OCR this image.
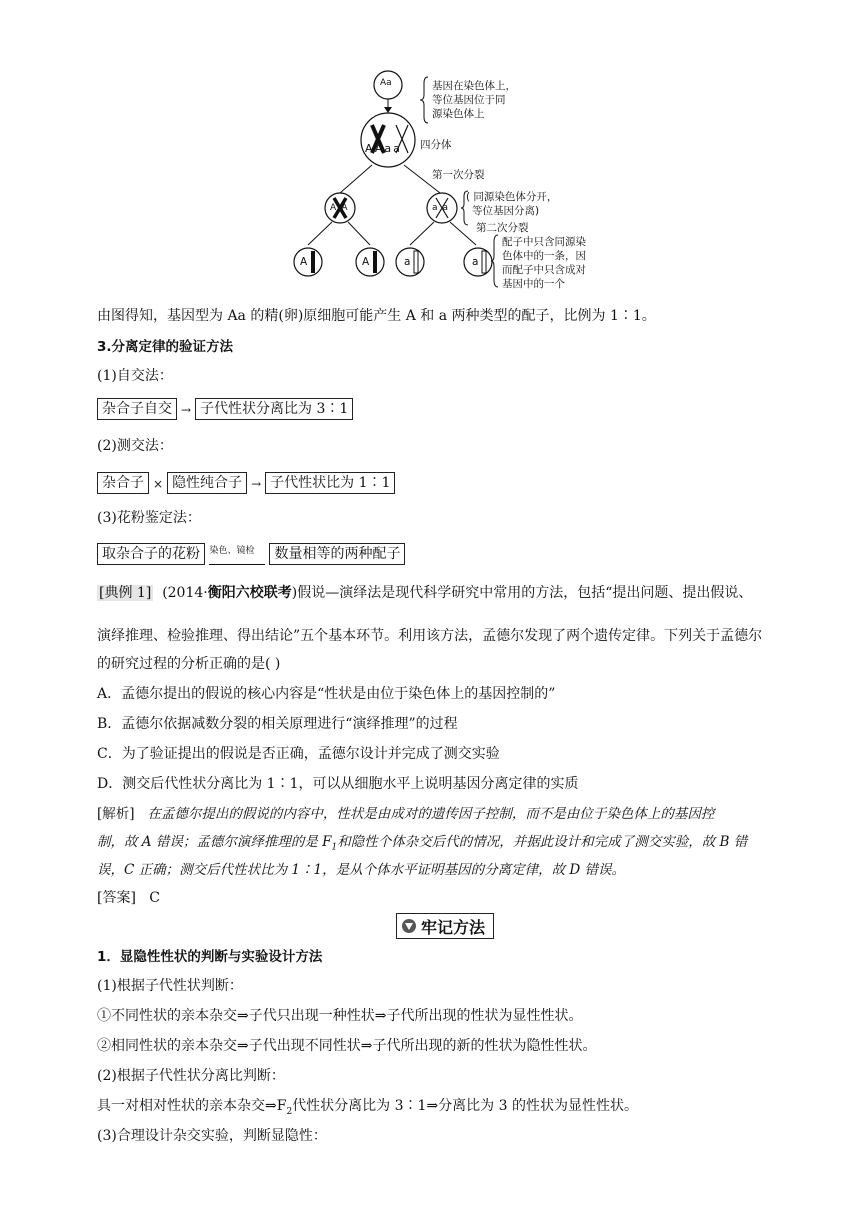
Aa	基因在染色体上，
等位基因位于同
源染色体上
AAaa 四分体
第一次分裂
AA	aa
( 同源染色体分开，
等位基因分离)
第二次分裂
A	A	a	a
配子中只含同源染
色体中的一条，因
而配子中只含成对
基因中的一个
由图得知，基因型为 Aa 的精(卵)原细胞可能产生 A 和 a 两种类型的配子，比例为 1∶1。
3.分离定律的验证方法
(1)自交法：
杂合子自交 → 子代性状分离比为 3∶1
(2)测交法：
杂合子 × 隐性纯合子 → 子代性状比为 1∶1
(3)花粉鉴定法：
取杂合子的花粉 染色、镜检 数量相等的两种配子
[典例 1] (2014·衡阳六校联考)假说—演绎法是现代科学研究中常用的方法，包括“提出问题、提出假说、
演绎推理、检验推理、得出结论”五个基本环节。利用该方法，孟德尔发现了两个遗传定律。下列关于孟德尔
的研究过程的分析正确的是( )
A．孟德尔提出的假说的核心内容是“性状是由位于染色体上的基因控制的”
B．孟德尔依据减数分裂的相关原理进行“演绎推理”的过程
C．为了验证提出的假说是否正确，孟德尔设计并完成了测交实验
D．测交后代性状分离比为 1∶1，可以从细胞水平上说明基因分离定律的实质
[解析] 在孟德尔提出的假说的内容中，性状是由成对的遗传因子控制，而不是由位于染色体上的基因控
制，故 A 错误；孟德尔演绎推理的是 $F_1$和隐性个体杂交后代的情况，并据此设计和完成了测交实验，故 B 错
误，C 正确；测交后代性状比为 1∶1，是从个体水平证明基因的分离定律，故 D 错误。
[答案] C
牢记方法
1．显隐性性状的判断与实验设计方法
(1)根据子代性状判断：
①不同性状的亲本杂交⇒子代只出现一种性状⇒子代所出现的性状为显性性状。
②相同性状的亲本杂交⇒子代出现不同性状⇒子代所出现的新的性状为隐性性状。
(2)根据子代性状分离比判断：
具一对相对性状的亲本杂交$\Rightarrow F_2$代性状分离比为 3∶1⇒分离比为 3 的性状为显性性状。
(3)合理设计杂交实验，判断显隐性：
